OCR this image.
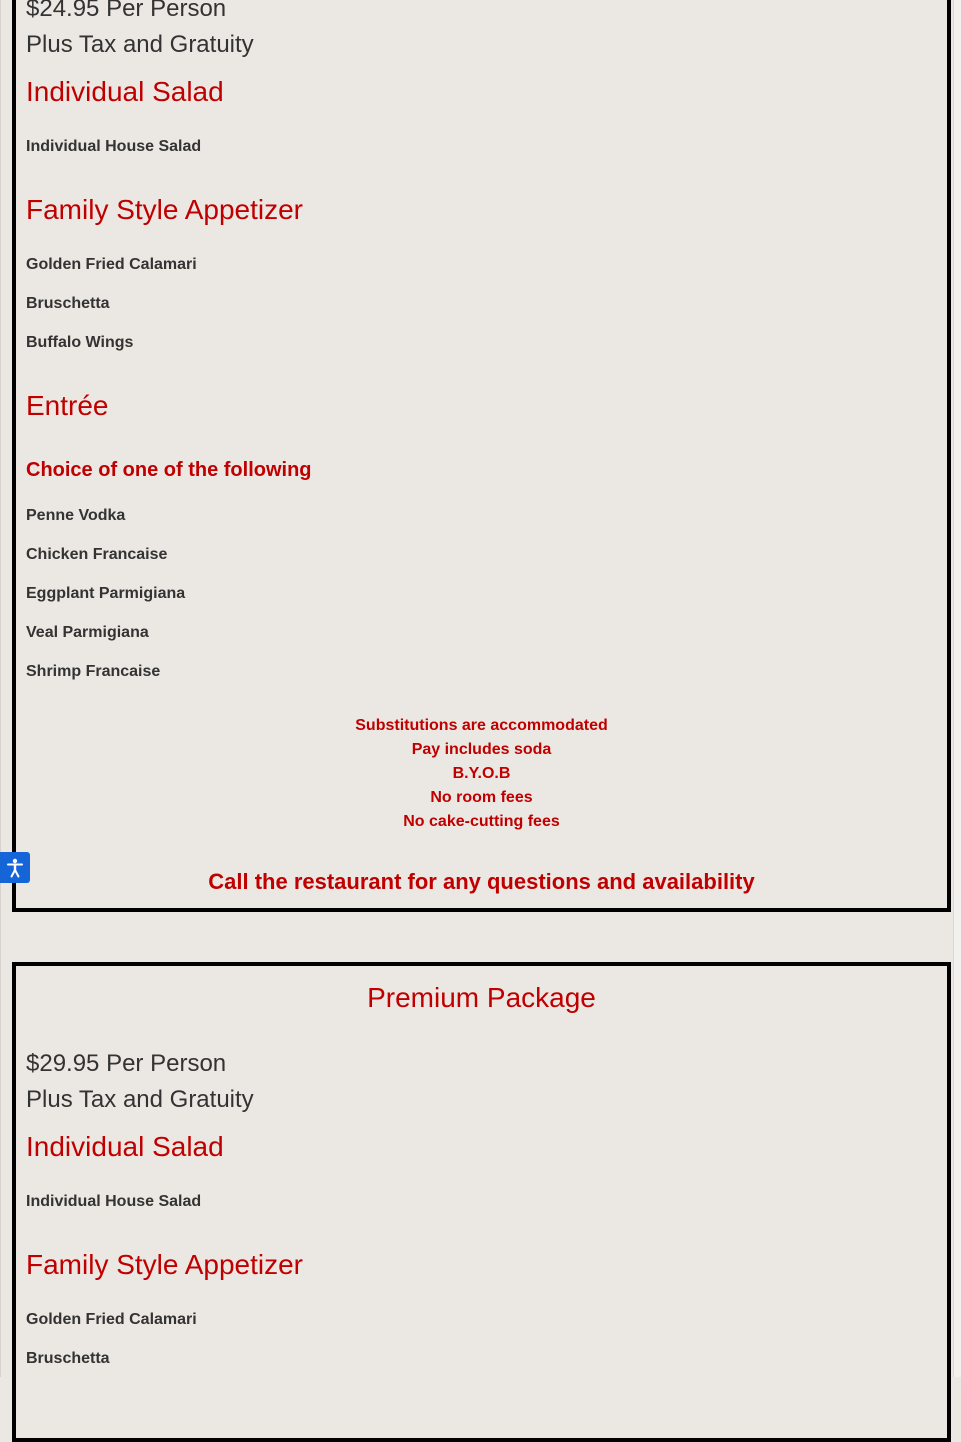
$24.95 Per Person
Plus Tax and Gratuity
Individual Salad

Individual House Salad

Family Style Appetizer

Golden Fried Calamari

Bruschetta

Buffalo Wings

Entrée
Choice of one of the following

Penne Vodka

Chicken Francaise

Eggplant Parmigiana

Veal Parmigiana

Shrimp Francaise

Substitutions are accommodated

Pay includes soda

B.Y.O.B

No room fees

No cake-cutting fees

Call the restaurant for any questions and availability
Premium Package
$29.95 Per Person
Plus Tax and Gratuity
Individual Salad

Individual House Salad

Family Style Appetizer

Golden Fried Calamari

Bruschetta
